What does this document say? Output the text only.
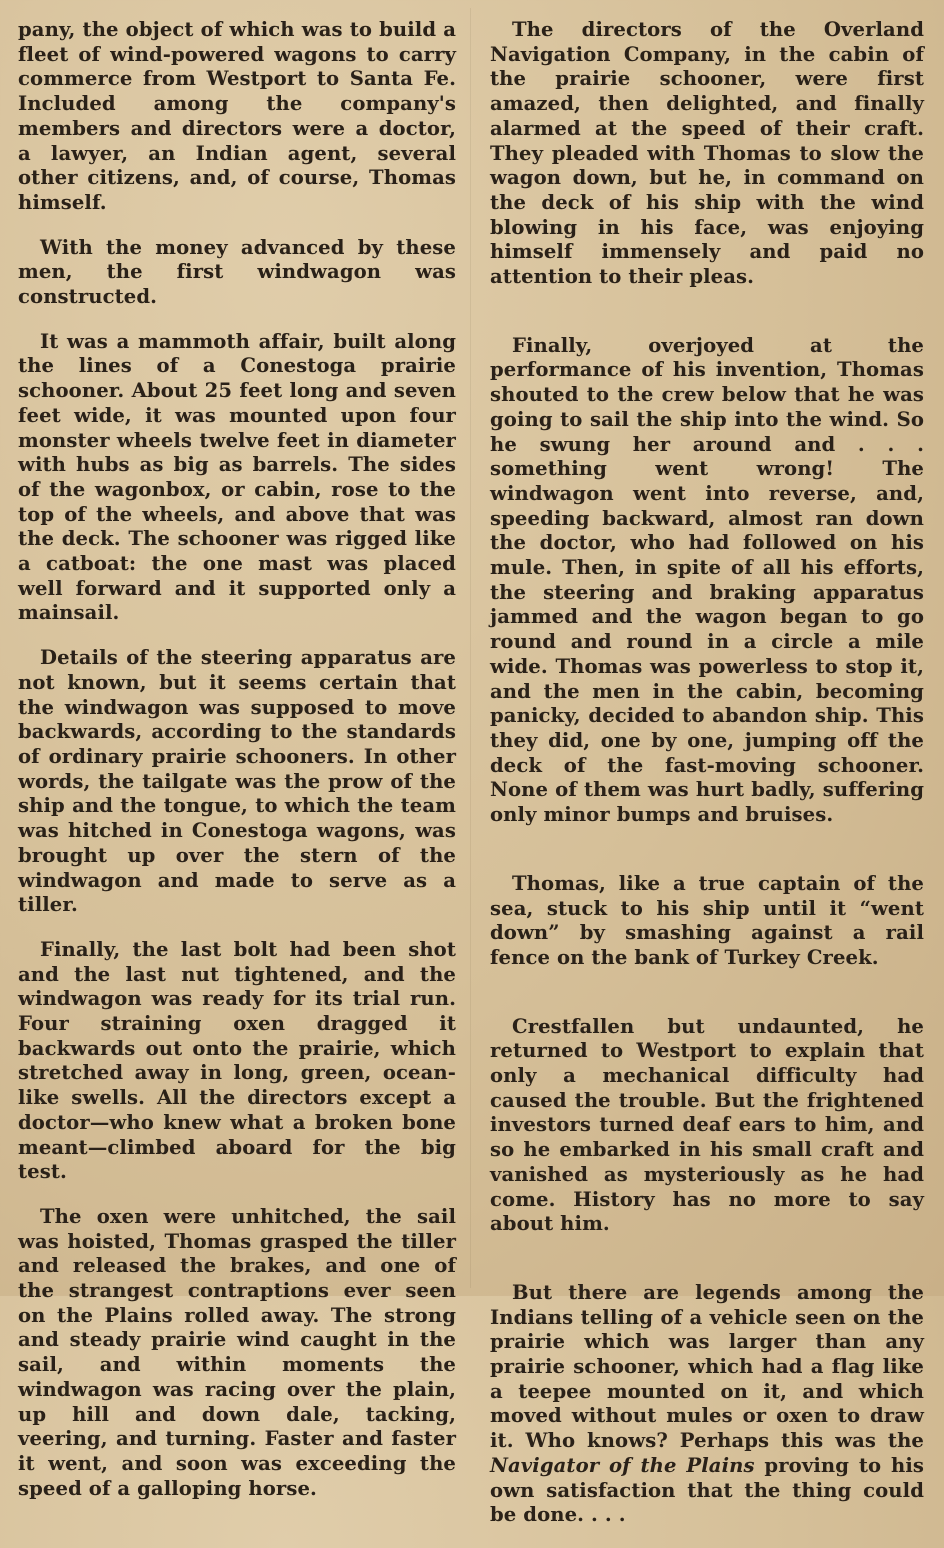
pany, the object of which was to build a fleet of wind-powered wagons to carry commerce from Westport to Santa Fe. Included among the company's members and directors were a doctor, a lawyer, an Indian agent, several other citizens, and, of course, Thomas himself.

With the money advanced by these men, the first windwagon was constructed.

It was a mammoth affair, built along the lines of a Conestoga prairie schooner. About 25 feet long and seven feet wide, it was mounted upon four monster wheels twelve feet in diameter with hubs as big as barrels. The sides of the wagonbox, or cabin, rose to the top of the wheels, and above that was the deck. The schooner was rigged like a catboat: the one mast was placed well forward and it supported only a mainsail.

Details of the steering apparatus are not known, but it seems certain that the windwagon was supposed to move backwards, according to the standards of ordinary prairie schooners. In other words, the tailgate was the prow of the ship and the tongue, to which the team was hitched in Conestoga wagons, was brought up over the stern of the windwagon and made to serve as a tiller.

Finally, the last bolt had been shot and the last nut tightened, and the windwagon was ready for its trial run. Four straining oxen dragged it backwards out onto the prairie, which stretched away in long, green, ocean-like swells. All the directors except a doctor—who knew what a broken bone meant—climbed aboard for the big test.

The oxen were unhitched, the sail was hoisted, Thomas grasped the tiller and released the brakes, and one of the strangest contraptions ever seen on the Plains rolled away. The strong and steady prairie wind caught in the sail, and within moments the windwagon was racing over the plain, up hill and down dale, tacking, veering, and turning. Faster and faster it went, and soon was exceeding the speed of a galloping horse.

The directors of the Overland Navigation Company, in the cabin of the prairie schooner, were first amazed, then delighted, and finally alarmed at the speed of their craft. They pleaded with Thomas to slow the wagon down, but he, in command on the deck of his ship with the wind blowing in his face, was enjoying himself immensely and paid no attention to their pleas.

Finally, overjoyed at the performance of his invention, Thomas shouted to the crew below that he was going to sail the ship into the wind. So he swung her around and . . . something went wrong! The windwagon went into reverse, and, speeding backward, almost ran down the doctor, who had followed on his mule. Then, in spite of all his efforts, the steering and braking apparatus jammed and the wagon began to go round and round in a circle a mile wide. Thomas was powerless to stop it, and the men in the cabin, becoming panicky, decided to abandon ship. This they did, one by one, jumping off the deck of the fast-moving schooner. None of them was hurt badly, suffering only minor bumps and bruises.

Thomas, like a true captain of the sea, stuck to his ship until it “went down” by smashing against a rail fence on the bank of Turkey Creek.

Crestfallen but undaunted, he returned to Westport to explain that only a mechanical difficulty had caused the trouble. But the frightened investors turned deaf ears to him, and so he embarked in his small craft and vanished as mysteriously as he had come. History has no more to say about him.

But there are legends among the Indians telling of a vehicle seen on the prairie which was larger than any prairie schooner, which had a flag like a teepee mounted on it, and which moved without mules or oxen to draw it. Who knows? Perhaps this was the Navigator of the Plains proving to his own satisfaction that the thing could be done. . . .
